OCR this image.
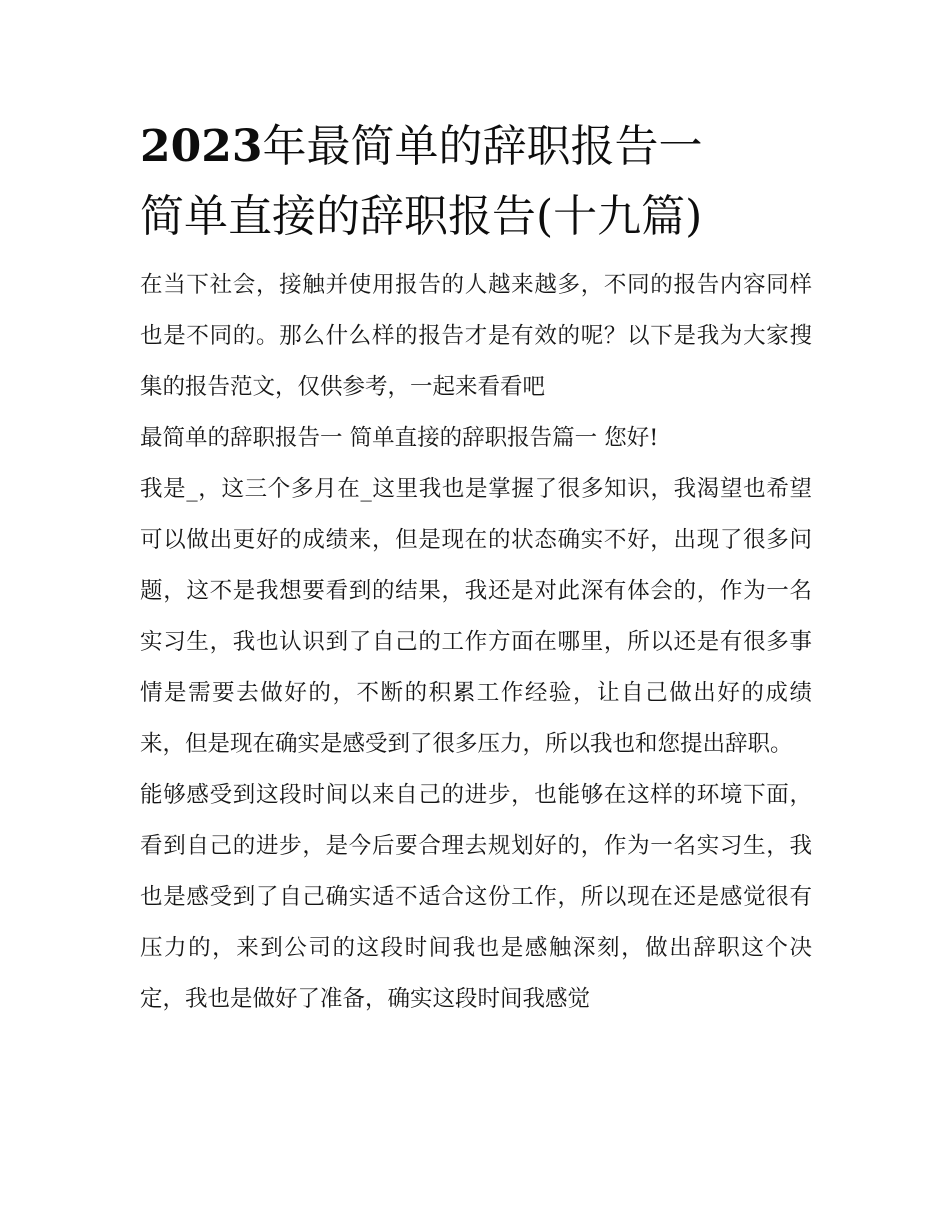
2023年最简单的辞职报告一
简单直接的辞职报告(十九篇)

在当下社会，接触并使用报告的人越来越多，不同的报告内容同样也是不同的。那么什么样的报告才是有效的呢？以下是我为大家搜集的报告范文，仅供参考，一起来看看吧

最简单的辞职报告一 简单直接的辞职报告篇一 您好!

我是_，这三个多月在_这里我也是掌握了很多知识，我渴望也希望可以做出更好的成绩来，但是现在的状态确实不好，出现了很多问题，这不是我想要看到的结果，我还是对此深有体会的，作为一名实习生，我也认识到了自己的工作方面在哪里，所以还是有很多事情是需要去做好的，不断的积累工作经验，让自己做出好的成绩来，但是现在确实是感受到了很多压力，所以我也和您提出辞职。

能够感受到这段时间以来自己的进步，也能够在这样的环境下面，看到自己的进步，是今后要合理去规划好的，作为一名实习生，我也是感受到了自己确实适不适合这份工作，所以现在还是感觉很有压力的，来到公司的这段时间我也是感触深刻，做出辞职这个决定，我也是做好了准备，确实这段时间我感觉
